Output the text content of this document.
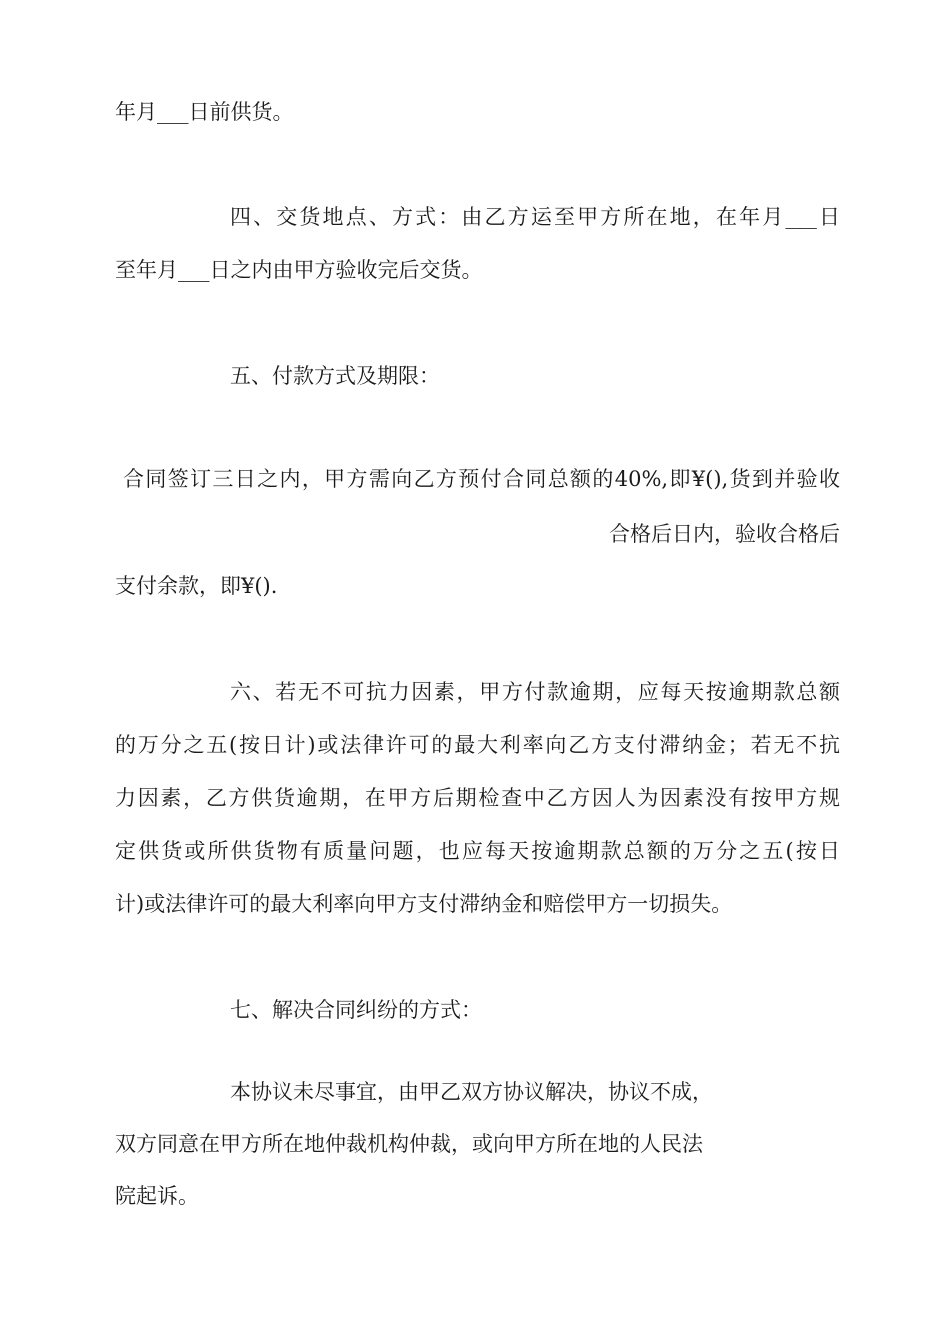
年月___日前供货。

四、交货地点、方式：由乙方运至甲方所在地，在年月___日

至年月___日之内由甲方验收完后交货。

五、付款方式及期限：

合同签订三日之内，甲方需向乙方预付合同总额的40%,即¥(),货到并验收

合格后日内，验收合格后

支付余款，即¥().

六、若无不可抗力因素，甲方付款逾期，应每天按逾期款总额

的万分之五(按日计)或法律许可的最大利率向乙方支付滞纳金；若无不抗

力因素，乙方供货逾期，在甲方后期检查中乙方因人为因素没有按甲方规

定供货或所供货物有质量问题，也应每天按逾期款总额的万分之五(按日

计)或法律许可的最大利率向甲方支付滞纳金和赔偿甲方一切损失。

七、解决合同纠纷的方式：

本协议未尽事宜，由甲乙双方协议解决，协议不成，

双方同意在甲方所在地仲裁机构仲裁，或向甲方所在地的人民法

院起诉。
